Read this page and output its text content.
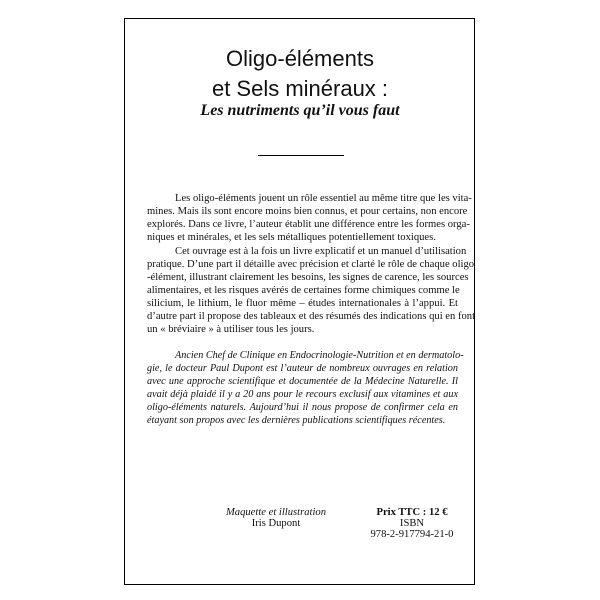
Oligo-éléments
et Sels minéraux :
Les nutriments qu’il vous faut
Les oligo-éléments jouent un rôle essentiel au même titre que les vita-
mines. Mais ils sont encore moins bien connus, et pour certains, non encore
explorés. Dans ce livre, l’auteur établit une différence entre les formes orga-
niques et minérales, et les sels métalliques potentiellement toxiques.
Cet ouvrage est à la fois un livre explicatif et un manuel d’utilisation
pratique. D’une part il détaille avec précision et clarté le rôle de chaque oligo
-élément, illustrant clairement les besoins, les signes de carence, les sources
alimentaires, et les risques avérés de certaines forme chimiques comme le
silicium, le lithium, le fluor même – études internationales à l’appui. Et
d’autre part il propose des tableaux et des résumés des indications qui en font
un « bréviaire » à utiliser tous les jours.
Ancien Chef de Clinique en Endocrinologie-Nutrition et en dermatolo-
gie, le docteur Paul Dupont est l’auteur de nombreux ouvrages en relation
avec une approche scientifique et documentée de la Médecine Naturelle. Il
avait déjà plaidé il y a 20 ans pour le recours exclusif aux vitamines et aux
oligo-éléments naturels. Aujourd’hui il nous propose de confirmer cela en
étayant son propos avec les dernières publications scientifiques récentes.
Maquette et illustration
Iris Dupont
Prix TTC : 12 €
ISBN
978-2-917794-21-0
